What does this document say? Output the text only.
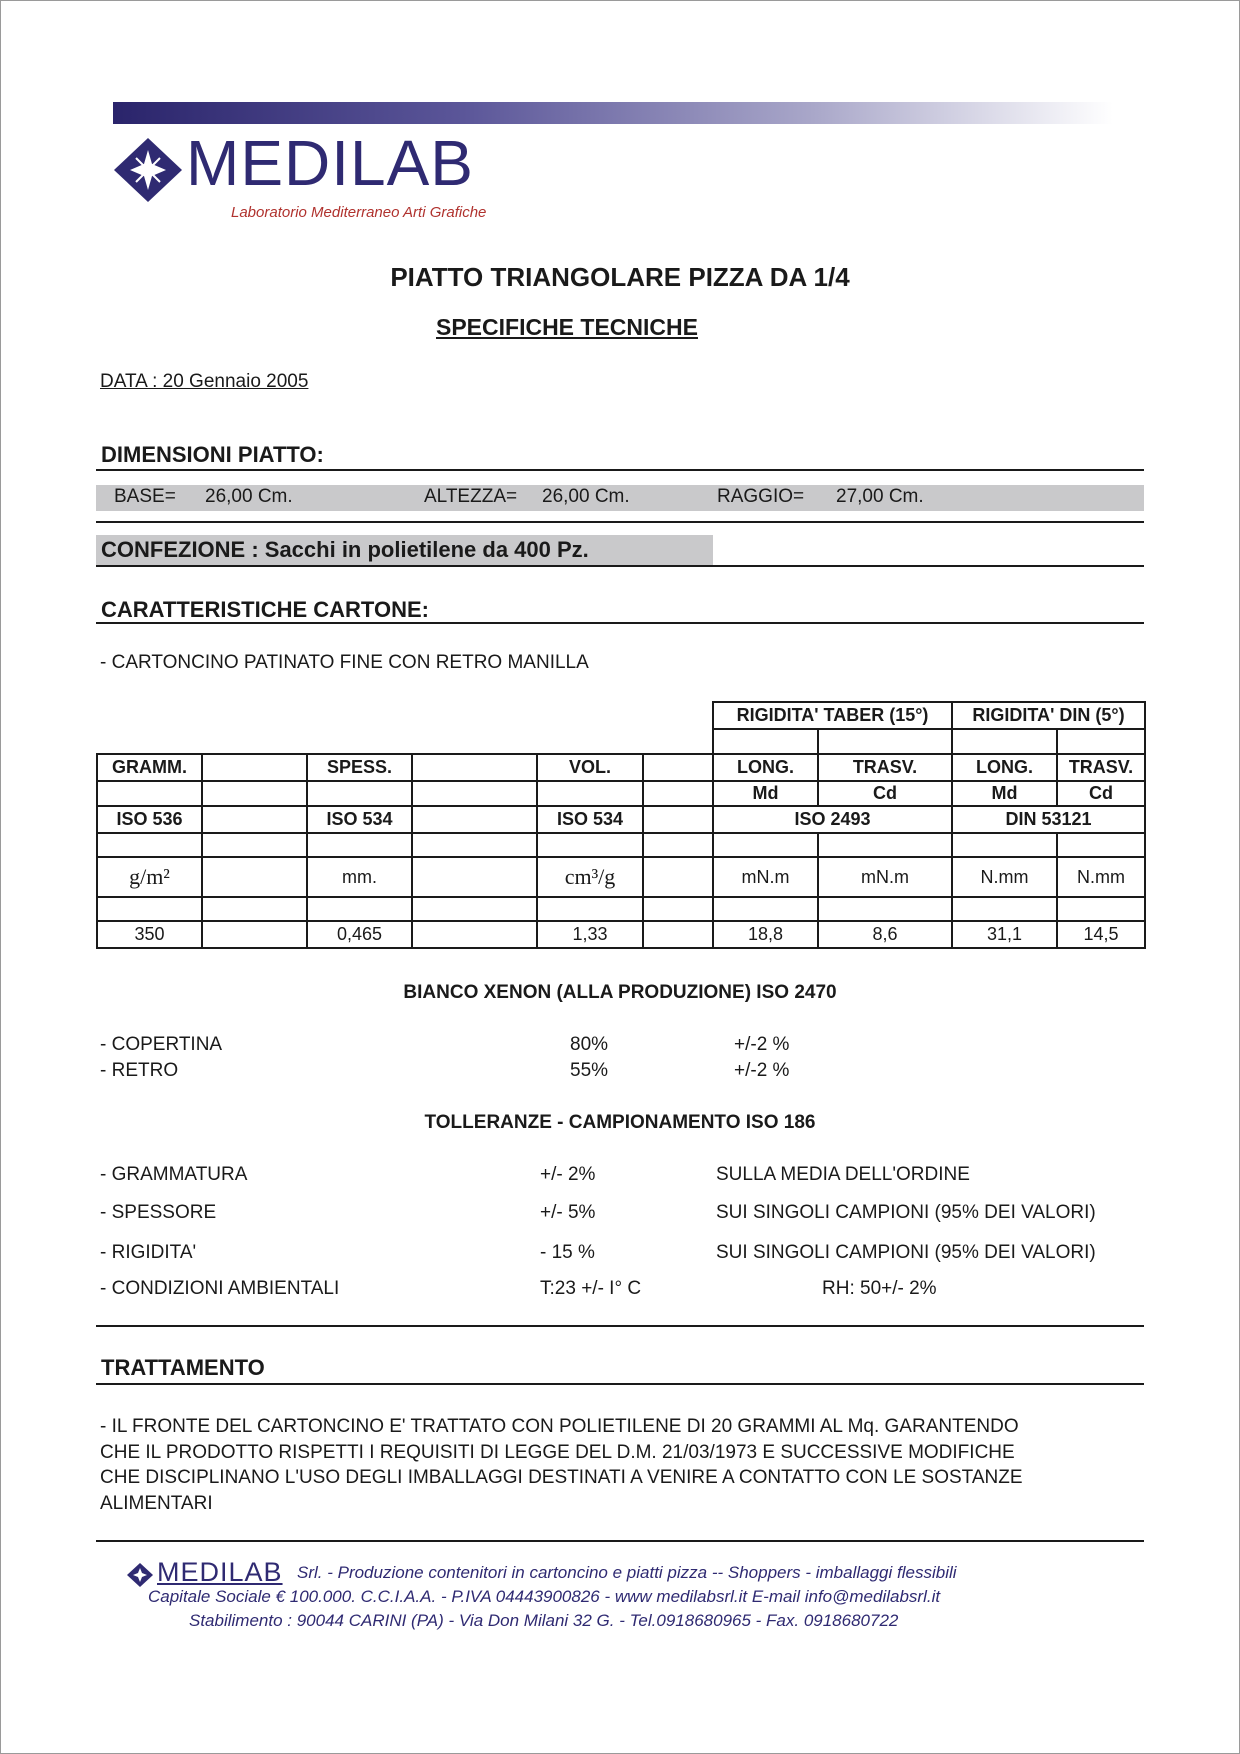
MEDILAB
Laboratorio Mediterraneo Arti Grafiche
PIATTO TRIANGOLARE PIZZA DA 1/4
SPECIFICHE TECNICHE
DATA : 20 Gennaio 2005
DIMENSIONI PIATTO:
BASE= 26,00 Cm.	ALTEZZA= 26,00 Cm.	RAGGIO= 27,00 Cm.
CONFEZIONE : Sacchi in polietilene da 400 Pz.
CARATTERISTICHE CARTONE:
- CARTONCINO PATINATO FINE CON RETRO MANILLA
						RIGIDITA' TABER (15°)		RIGIDITA' DIN (5°)	

GRAMM.		SPESS.		VOL.		LONG.	TRASV.	LONG.	TRASV.
						Md	Cd	Md	Cd
ISO 536		ISO 534		ISO 534		ISO 2493		DIN 53121	

g/m²		mm.		cm³/g		mN.m	mN.m	N.mm	N.mm

350		0,465		1,33		18,8	8,6	31,1	14,5
BIANCO XENON (ALLA PRODUZIONE) ISO 2470
- COPERTINA	80%	+/-2 %
- RETRO	55%	+/-2 %
TOLLERANZE - CAMPIONAMENTO ISO 186
- GRAMMATURA	+/- 2%	SULLA MEDIA DELL'ORDINE
- SPESSORE	+/- 5%	SUI SINGOLI CAMPIONI (95% DEI VALORI)
- RIGIDITA'	- 15 %	SUI SINGOLI CAMPIONI (95% DEI VALORI)
- CONDIZIONI AMBIENTALI	T:23 +/- I° C	RH: 50+/- 2%
TRATTAMENTO
- IL FRONTE DEL CARTONCINO E' TRATTATO CON POLIETILENE DI 20 GRAMMI AL Mq. GARANTENDO
CHE IL PRODOTTO RISPETTI I REQUISITI DI LEGGE DEL D.M. 21/03/1973 E SUCCESSIVE MODIFICHE
CHE DISCIPLINANO L'USO DEGLI IMBALLAGGI DESTINATI A VENIRE A CONTATTO CON LE SOSTANZE
ALIMENTARI
MEDILAB Srl. - Produzione contenitori in cartoncino e piatti pizza -- Shoppers - imballaggi flessibili
Capitale Sociale € 100.000. C.C.I.A.A. - P.IVA 04443900826 - www medilabsrl.it E-mail info@medilabsrl.it
Stabilimento : 90044 CARINI (PA) - Via Don Milani 32 G. - Tel.0918680965 - Fax. 0918680722
